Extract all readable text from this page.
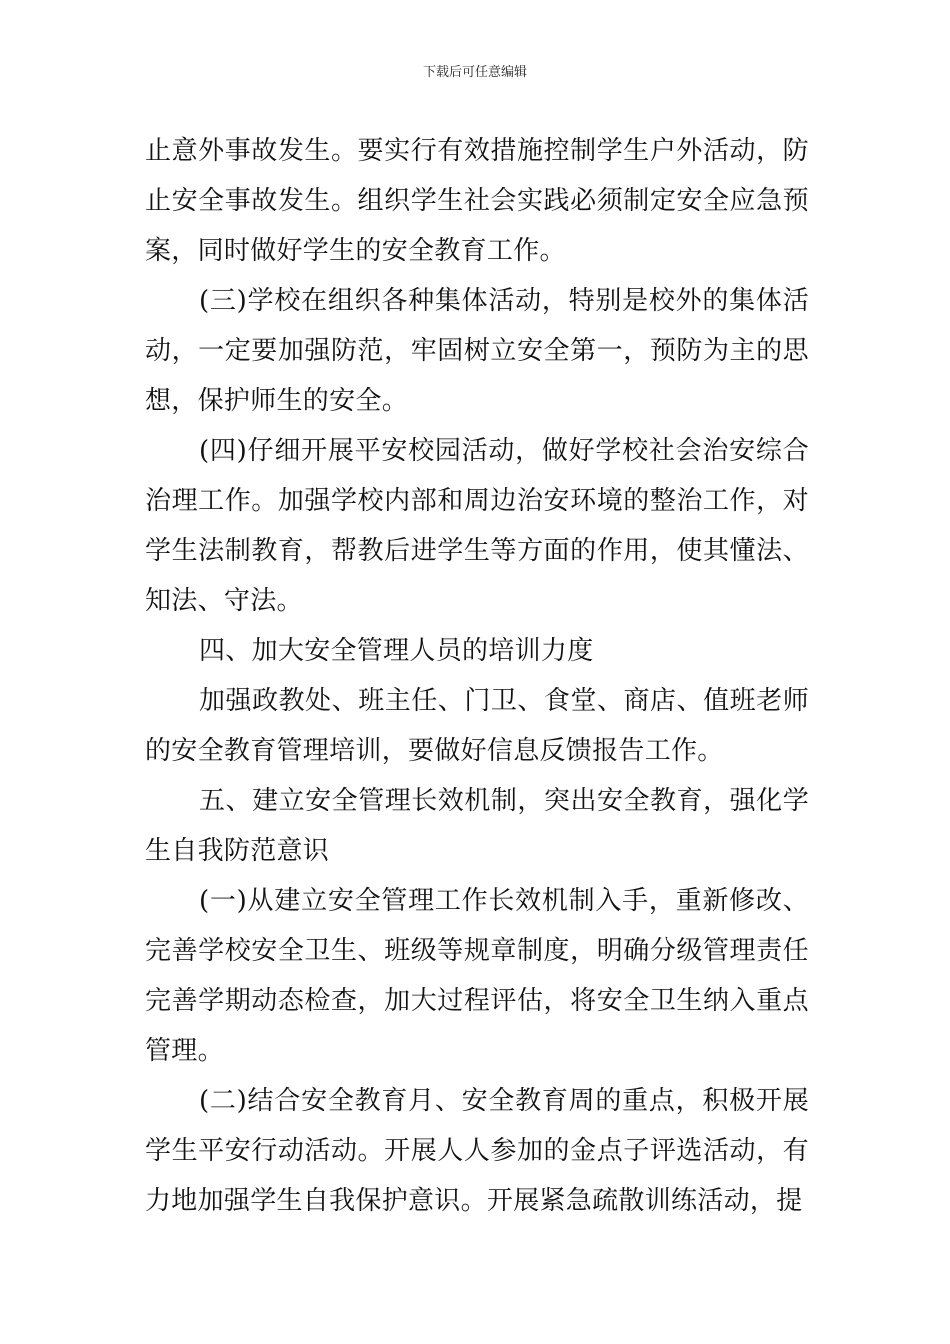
下载后可任意编辑

止意外事故发生。要实行有效措施控制学生户外活动，防止安全事故发生。组织学生社会实践必须制定安全应急预案，同时做好学生的安全教育工作。

(三)学校在组织各种集体活动，特别是校外的集体活动，一定要加强防范，牢固树立安全第一，预防为主的思想，保护师生的安全。

(四)仔细开展平安校园活动，做好学校社会治安综合治理工作。加强学校内部和周边治安环境的整治工作，对学生法制教育，帮教后进学生等方面的作用，使其懂法、知法、守法。

四、加大安全管理人员的培训力度

加强政教处、班主任、门卫、食堂、商店、值班老师的安全教育管理培训，要做好信息反馈报告工作。

五、建立安全管理长效机制，突出安全教育，强化学生自我防范意识

(一)从建立安全管理工作长效机制入手，重新修改、完善学校安全卫生、班级等规章制度，明确分级管理责任完善学期动态检查，加大过程评估，将安全卫生纳入重点管理。

(二)结合安全教育月、安全教育周的重点，积极开展学生平安行动活动。开展人人参加的金点子评选活动，有力地加强学生自我保护意识。开展紧急疏散训练活动，提
